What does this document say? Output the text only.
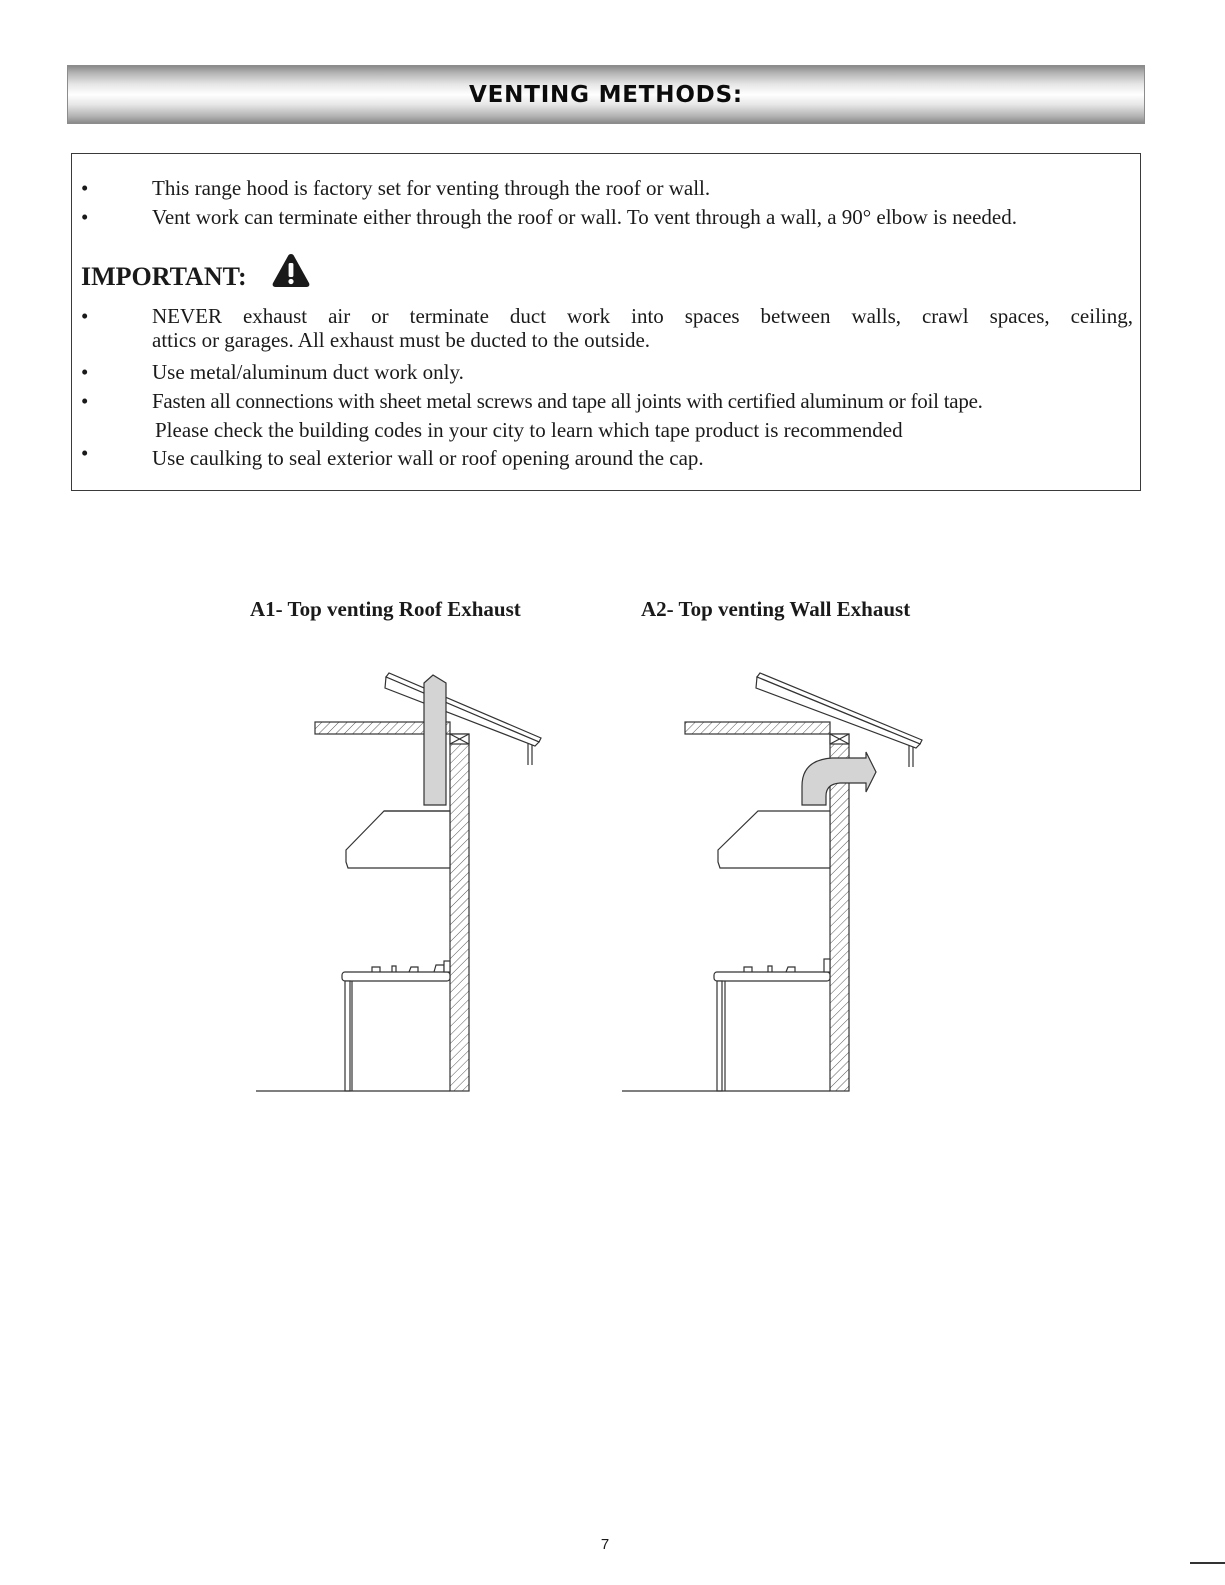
VENTING METHODS:
•	This range hood is factory set for venting through the roof or wall.
•	Vent work can terminate either through the roof or wall. To vent through a wall, a 90° elbow is needed.
IMPORTANT:
•	NEVER exhaust air or terminate duct work into spaces between walls, crawl spaces, ceiling,
attics or garages. All exhaust must be ducted to the outside.
•	Use metal/aluminum duct work only.
•	Fasten all connections with sheet metal screws and tape all joints with certified aluminum or foil tape.
Please check the building codes in your city to learn which tape product is recommended
•	Use caulking to seal exterior wall or roof opening around the cap.
A1- Top venting Roof Exhaust	A2- Top venting Wall Exhaust
7
